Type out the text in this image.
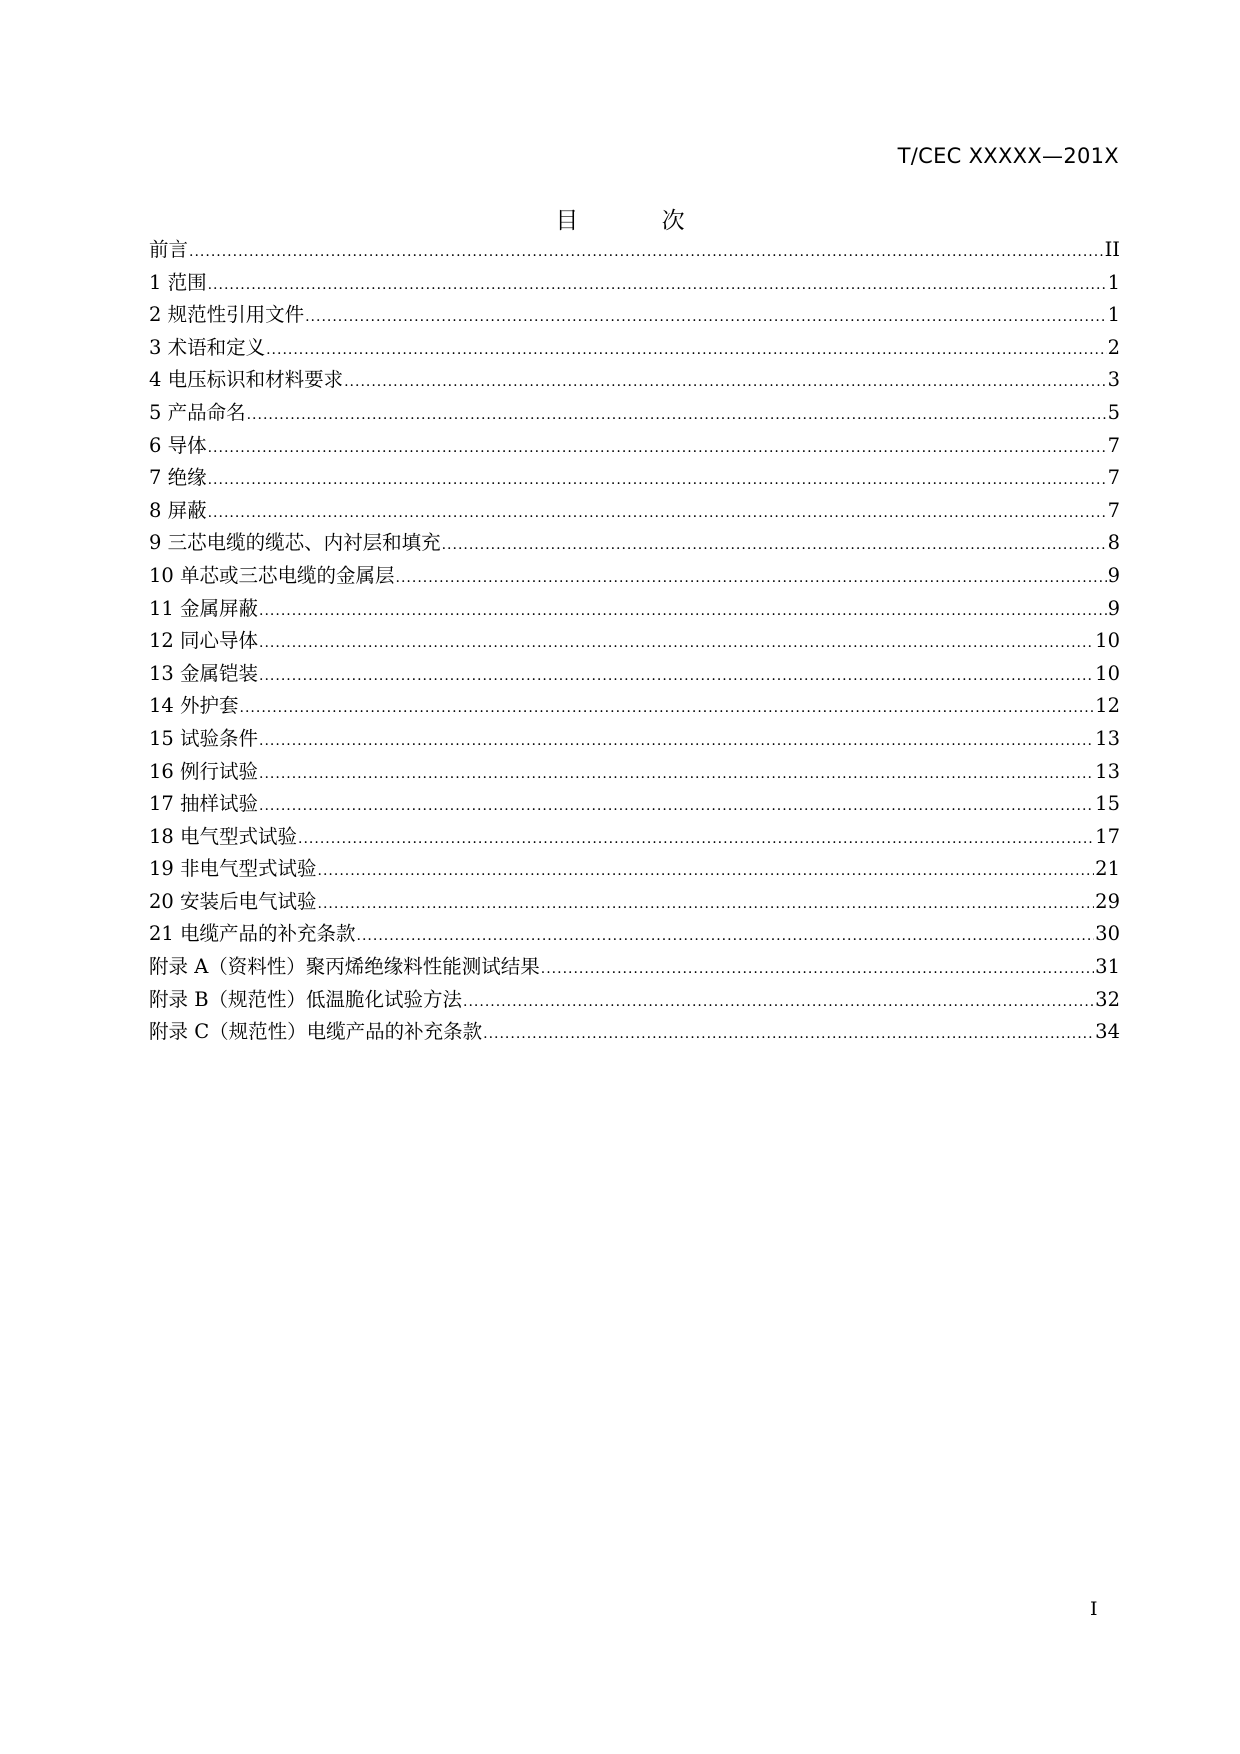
T/CEC XXXXX—201X
目 次
前言 .....	II
1 范围 .....	1
2 规范性引用文件 .....	1
3 术语和定义 .....	2
4 电压标识和材料要求 .....	3
5 产品命名 .....	5
6 导体 .....	7
7 绝缘 .....	7
8 屏蔽 .....	7
9 三芯电缆的缆芯、内衬层和填充 .....	8
10 单芯或三芯电缆的金属层 .....	9
11 金属屏蔽 .....	9
12 同心导体 .....	10
13 金属铠装 .....	10
14 外护套 .....	12
15 试验条件 .....	13
16 例行试验 .....	13
17 抽样试验 .....	15
18 电气型式试验 .....	17
19 非电气型式试验 .....	21
20 安装后电气试验 .....	29
21 电缆产品的补充条款 .....	30
附录 A（资料性）聚丙烯绝缘料性能测试结果 .....	31
附录 B（规范性）低温脆化试验方法 .....	32
附录 C（规范性）电缆产品的补充条款 .....	34
I
